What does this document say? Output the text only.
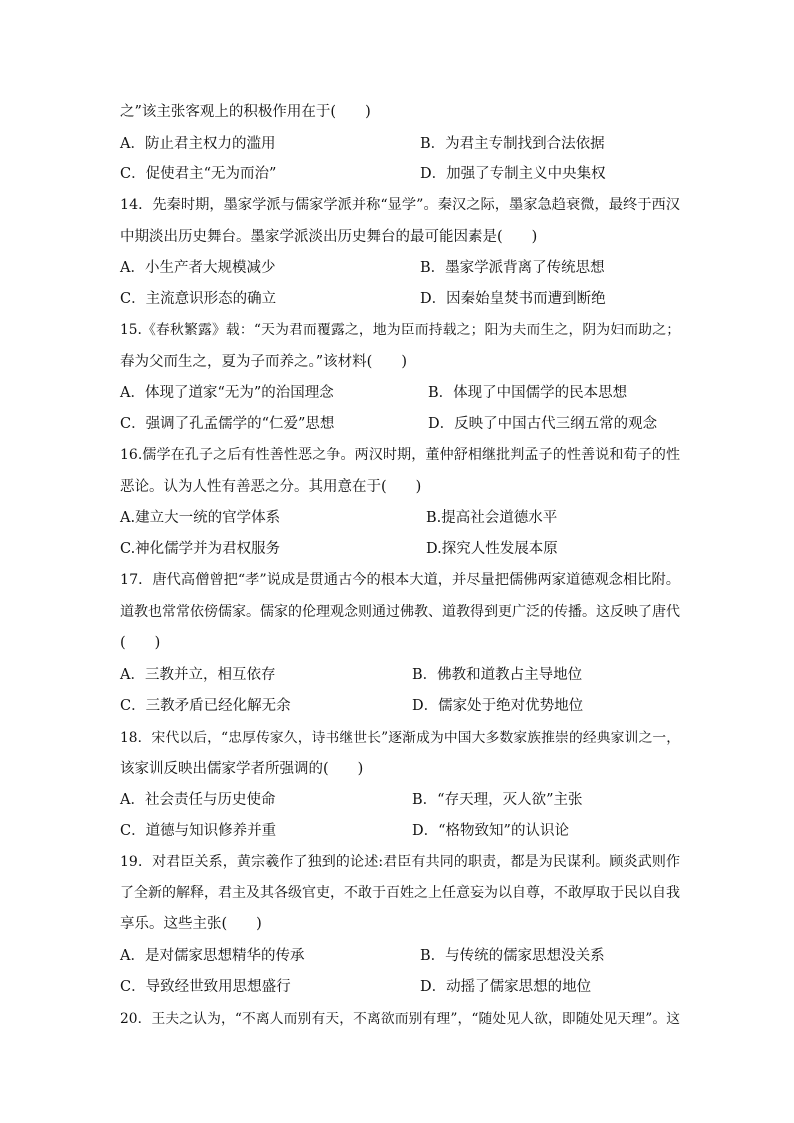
之”该主张客观上的积极作用在于(　　)

A．防止君主权力的滥用	B．为君主专制找到合法依据

C．促使君主“无为而治”	D．加强了专制主义中央集权

14．先秦时期，墨家学派与儒家学派并称“显学”。秦汉之际，墨家急趋衰微，最终于西汉

中期淡出历史舞台。墨家学派淡出历史舞台的最可能因素是(　　)

A．小生产者大规模减少	B．墨家学派背离了传统思想

C．主流意识形态的确立	D．因秦始皇焚书而遭到断绝

15.《春秋繁露》载：“天为君而覆露之，地为臣而持载之；阳为夫而生之，阴为妇而助之；

春为父而生之，夏为子而养之。”该材料(　　)

A．体现了道家“无为”的治国理念	B．体现了中国儒学的民本思想

C．强调了孔孟儒学的“仁爱”思想	D．反映了中国古代三纲五常的观念

16.儒学在孔子之后有性善性恶之争。两汉时期，董仲舒相继批判孟子的性善说和荀子的性

恶论。认为人性有善恶之分。其用意在于(　　)

A.建立大一统的官学体系	B.提高社会道德水平

C.神化儒学并为君权服务	D.探究人性发展本原

17．唐代高僧曾把“孝”说成是贯通古今的根本大道，并尽量把儒佛两家道德观念相比附。

道教也常常依傍儒家。儒家的伦理观念则通过佛教、道教得到更广泛的传播。这反映了唐代

(　　)

A．三教并立，相互依存	B．佛教和道教占主导地位

C．三教矛盾已经化解无余	D．儒家处于绝对优势地位

18．宋代以后，“忠厚传家久，诗书继世长”逐渐成为中国大多数家族推崇的经典家训之一，

该家训反映出儒家学者所强调的(　　)

A．社会责任与历史使命	B．“存天理，灭人欲”主张

C．道德与知识修养并重	D．“格物致知”的认识论

19．对君臣关系，黄宗羲作了独到的论述:君臣有共同的职责，都是为民谋利。顾炎武则作

了全新的解释，君主及其各级官吏，不敢于百姓之上任意妄为以自尊，不敢厚取于民以自我

享乐。这些主张(　　)

A．是对儒家思想精华的传承	B．与传统的儒家思想没关系

C．导致经世致用思想盛行	D．动摇了儒家思想的地位

20．王夫之认为，“不离人而别有天，不离欲而别有理”，“随处见人欲，即随处见天理”。这
